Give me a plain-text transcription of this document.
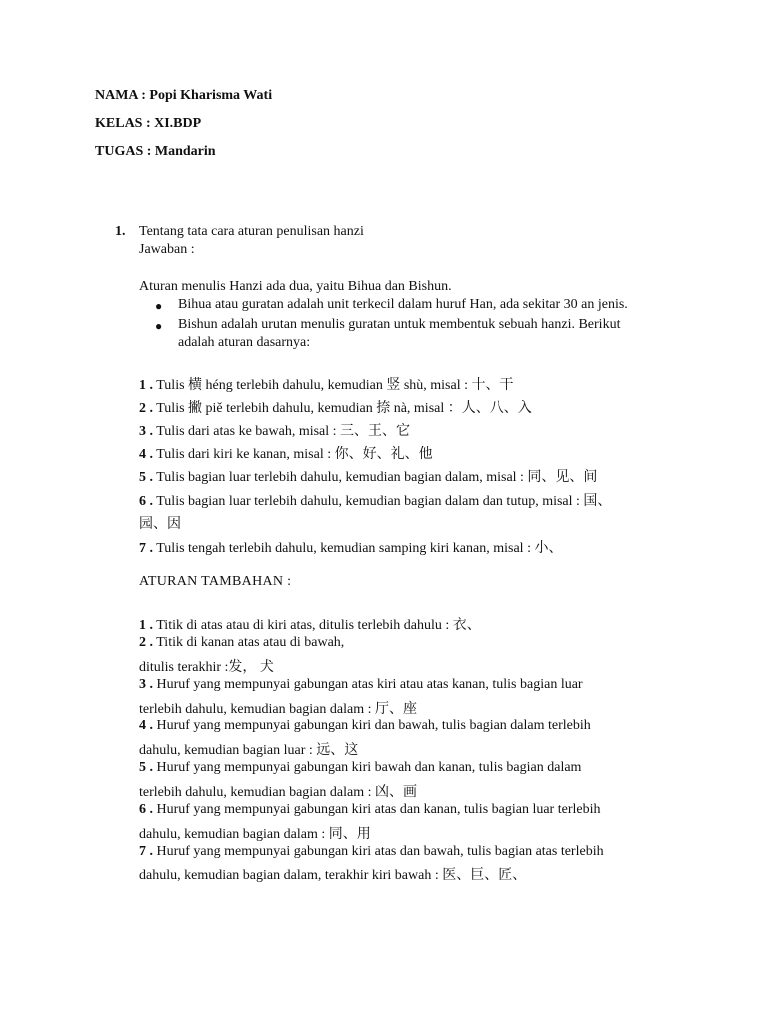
NAMA : Popi Kharisma Wati
KELAS : XI.BDP
TUGAS : Mandarin
1. Tentang tata cara aturan penulisan hanzi
Jawaban :
Aturan menulis Hanzi ada dua, yaitu Bihua dan Bishun.
● Bihua atau guratan adalah unit terkecil dalam huruf Han, ada sekitar 30 an jenis.
● Bishun adalah urutan menulis guratan untuk membentuk sebuah hanzi. Berikut
adalah aturan dasarnya:
1 . Tulis 横 héng terlebih dahulu, kemudian 竖 shù, misal : 十、干
2 . Tulis 撇 piě terlebih dahulu, kemudian 捺 nà, misal ：人、八、入
3 . Tulis dari atas ke bawah, misal : 三、王、它
4 . Tulis dari kiri ke kanan, misal : 你、好、礼、他
5 . Tulis bagian luar terlebih dahulu, kemudian bagian dalam, misal : 同、见、间
6 . Tulis bagian luar terlebih dahulu, kemudian bagian dalam dan tutup, misal : 国、
园、因
7 . Tulis tengah terlebih dahulu, kemudian samping kiri kanan, misal : 小、
ATURAN TAMBAHAN :
1 . Titik di atas atau di kiri atas, ditulis terlebih dahulu : 衣、
2 . Titik di kanan atas atau di bawah,
ditulis terakhir :发， 犬
3 . Huruf yang mempunyai gabungan atas kiri atau atas kanan, tulis bagian luar
terlebih dahulu, kemudian bagian dalam : 厅、座
4 . Huruf yang mempunyai gabungan kiri dan bawah, tulis bagian dalam terlebih
dahulu, kemudian bagian luar : 远、这
5 . Huruf yang mempunyai gabungan kiri bawah dan kanan, tulis bagian dalam
terlebih dahulu, kemudian bagian dalam : 凶、画
6 . Huruf yang mempunyai gabungan kiri atas dan kanan, tulis bagian luar terlebih
dahulu, kemudian bagian dalam : 同、用
7 . Huruf yang mempunyai gabungan kiri atas dan bawah, tulis bagian atas terlebih
dahulu, kemudian bagian dalam, terakhir kiri bawah : 医、巨、匠、
